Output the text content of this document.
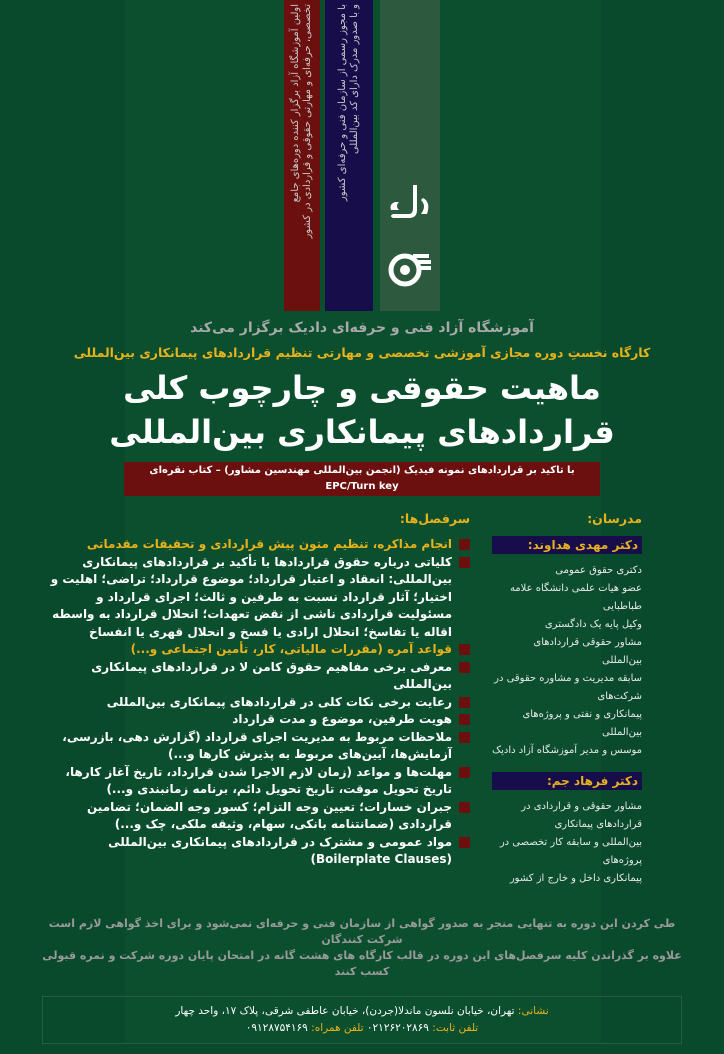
اولین آموزشگاه آزاد برگزار کننده دوره‌های جامع تخصصی، حرفه‌ای و مهارتی حقوقی و قراردادی در کشور با مجوز رسمی از سازمان فنی و حرفه‌ای کشور و با صدور مدرک دارای کد بین‌المللی
آموزشگاه آزاد فنی و حرفه‌ای دادیک برگزار می‌کند
کارگاه نخستِ دوره مجازی آموزشی تخصصی و مهارتی تنظیم قراردادهای پیمانکاری بین‌المللی
ماهیت حقوقی و چارچوب کلی
قراردادهای پیمانکاری بین‌المللی
با تاکید بر قراردادهای نمونه فیدیک (انجمن بین‌المللی مهندسین مشاور) – کتاب نقره‌ای EPC/Turn key
مدرسان:
دکتر مهدی هداوند:
دکتری حقوق عمومی
عضو هیات علمی دانشگاه علامه طباطبایی
وکیل پایه یک دادگستری
مشاور حقوقی قراردادهای بین‌المللی
سابقه مدیریت و مشاوره حقوقی در شرکت‌های
پیمانکاری و نفتی و پروژه‌های بین‌المللی
موسس و مدیر آموزشگاه آزاد دادیک
دکتر فرهاد جم:
مشاور حقوقی و قراردادی در قراردادهای پیمانکاری
بین‌المللی و سابقه کار تخصصی در پروژه‌های
پیمانکاری داخل و خارج از کشور
سرفصل‌ها:
انجام مذاکره، تنظیم متون پیش قراردادی و تحقیقات مقدماتی
کلیاتی درباره حقوق قراردادها با تأکید بر قراردادهای پیمانکاری بین‌المللی: انعقاد و اعتبار قرارداد؛ موضوع قرارداد؛ تراضی؛ اهلیت و اختیار؛ آثار قرارداد نسبت به طرفین و ثالث؛ اجرای قرارداد و مسئولیت قراردادی ناشی از نقض تعهدات؛ انحلال قرارداد به واسطه اقاله یا تفاسخ؛ انحلال ارادی یا فسخ و انحلال قهری یا انفساخ
قواعد آمره (مقررات مالیاتی، کار، تأمین اجتماعی و...)
معرفی برخی مفاهیم حقوق کامن لا در قراردادهای پیمانکاری بین‌المللی
رعایت برخی نکات کلی در قراردادهای پیمانکاری بین‌المللی
هویت طرفین، موضوع و مدت قرارداد
ملاحظات مربوط به مدیریت اجرای قرارداد (گزارش دهی، بازرسی، آزمایش‌ها، آیین‌های مربوط به پذیرش کارها و...)
مهلت‌ها و مواعد (زمان لازم الاجرا شدن قرارداد، تاریخ آغاز کارها، تاریخ تحویل موقت، تاریخ تحویل دائم، برنامه زمانبندی و...)
جبران خسارات؛ تعیین وجه التزام؛ کسور وجه الضمان؛ تضامین قراردادی (ضمانتنامه بانکی، سهام، وثیقه ملکی، چک و...)
مواد عمومی و مشترک در قراردادهای پیمانکاری بین‌المللی (Boilerplate Clauses)
طی کردن این دوره به تنهایی منجر به صدور گواهی از سازمان فنی و حرفه‌ای نمی‌شود و برای اخذ گواهی لازم است شرکت کنندگان
علاوه بر گذراندن کلیه سرفصل‌های این دوره در قالب کارگاه های هشت گانه در امتحان پایان دوره شرکت و نمره قبولی کسب کنند
نشانی: تهران، خیابان نلسون ماندلا(جردن)، خیابان عاطفی شرقی، پلاک ۱۷، واحد چهار
تلفن ثابت: ۰۲۱۲۶۲۰۲۸۶۹ تلفن همراه: ۰۹۱۲۸۷۵۴۱۶۹
